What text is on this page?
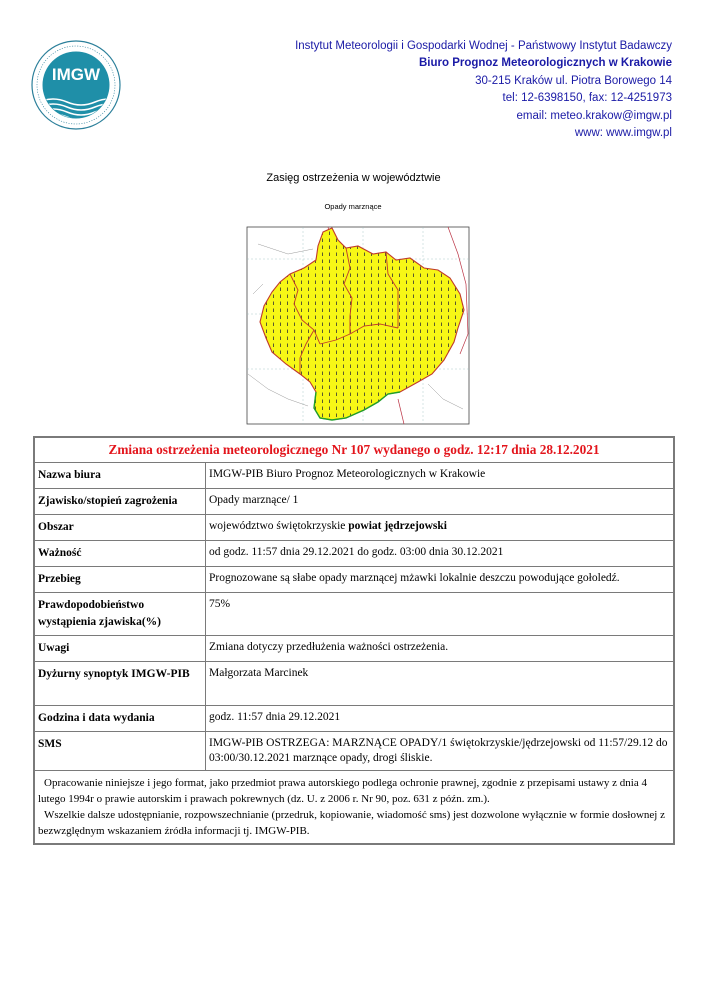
IMGW
Instytut Meteorologii i Gospodarki Wodnej - Państwowy Instytut Badawczy
Biuro Prognoz Meteorologicznych w Krakowie
30-215 Kraków ul. Piotra Borowego 14
tel: 12-6398150, fax: 12-4251973
email: meteo.krakow@imgw.pl
www: www.imgw.pl
Zasięg ostrzeżenia w województwie
Opady marznące
Zmiana ostrzeżenia meteorologicznego Nr 107 wydanego o godz. 12:17 dnia 28.12.2021	
Nazwa biura	IMGW-PIB Biuro Prognoz Meteorologicznych w Krakowie
Zjawisko/stopień zagrożenia	Opady marznące/ 1
Obszar	województwo świętokrzyskie powiat jędrzejowski
Ważność	od godz. 11:57 dnia 29.12.2021 do godz. 03:00 dnia 30.12.2021
Przebieg	Prognozowane są słabe opady marznącej mżawki lokalnie deszczu powodujące gołoledź.
Prawdopodobieństwo wystąpienia zjawiska(%)	75%
Uwagi	Zmiana dotyczy przedłużenia ważności ostrzeżenia.
Dyżurny synoptyk IMGW-PIB	Małgorzata Marcinek
Godzina i data wydania	godz. 11:57 dnia 29.12.2021
SMS	IMGW-PIB OSTRZEGA: MARZNĄCE OPADY/1 świętokrzyskie/jędrzejowski od 11:57/29.12 do 03:00/30.12.2021 marznące opady, drogi śliskie.

Opracowanie niniejsze i jego format, jako przedmiot prawa autorskiego podlega ochronie prawnej, zgodnie z przepisami ustawy z dnia 4 lutego 1994r o prawie autorskim i prawach pokrewnych (dz. U. z 2006 r. Nr 90, poz. 631 z późn. zm.).
Wszelkie dalsze udostępnianie, rozpowszechnianie (przedruk, kopiowanie, wiadomość sms) jest dozwolone wyłącznie w formie dosłownej z bezwzględnym wskazaniem źródła informacji tj. IMGW-PIB.	
